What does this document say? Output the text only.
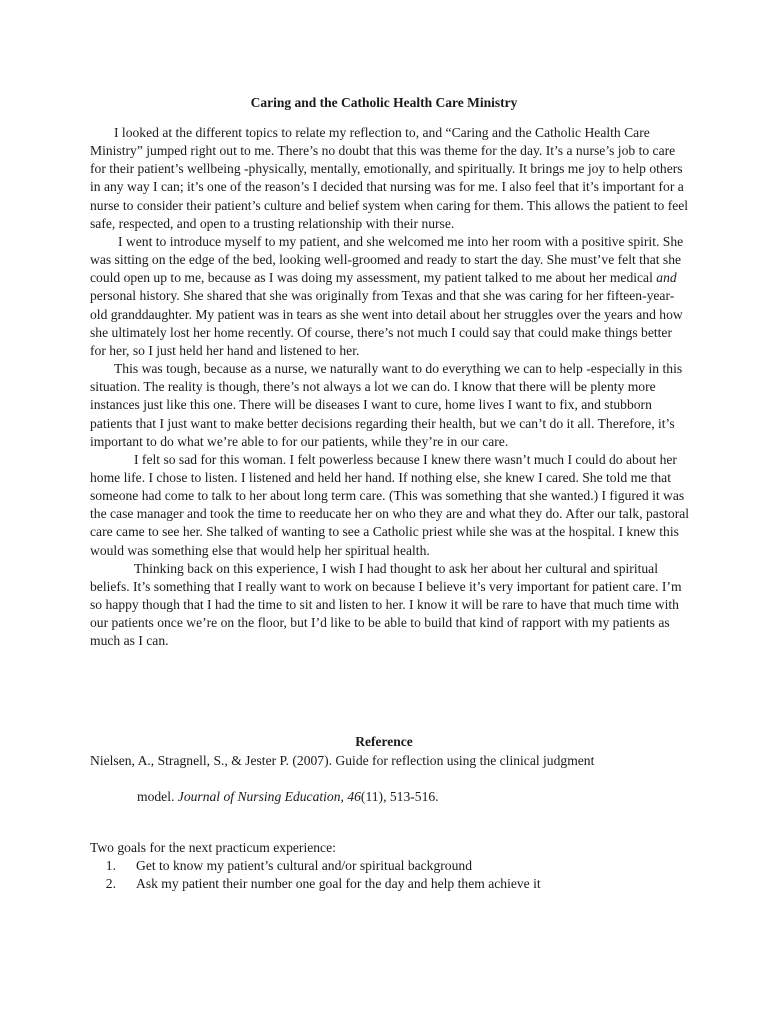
Caring and the Catholic Health Care Ministry

I looked at the different topics to relate my reflection to, and “Caring and the Catholic Health Care Ministry” jumped right out to me. There’s no doubt that this was theme for the day. It’s a nurse’s job to care for their patient’s wellbeing -physically, mentally, emotionally, and spiritually. It brings me joy to help others in any way I can; it’s one of the reason’s I decided that nursing was for me. I also feel that it’s important for a nurse to consider their patient’s culture and belief system when caring for them. This allows the patient to feel safe, respected, and open to a trusting relationship with their nurse.

I went to introduce myself to my patient, and she welcomed me into her room with a positive spirit. She was sitting on the edge of the bed, looking well-groomed and ready to start the day. She must’ve felt that she could open up to me, because as I was doing my assessment, my patient talked to me about her medical and personal history. She shared that she was originally from Texas and that she was caring for her fifteen-year-old granddaughter. My patient was in tears as she went into detail about her struggles over the years and how she ultimately lost her home recently. Of course, there’s not much I could say that could make things better for her, so I just held her hand and listened to her.

This was tough, because as a nurse, we naturally want to do everything we can to help -especially in this situation. The reality is though, there’s not always a lot we can do. I know that there will be plenty more instances just like this one. There will be diseases I want to cure, home lives I want to fix, and stubborn patients that I just want to make better decisions regarding their health, but we can’t do it all. Therefore, it’s important to do what we’re able to for our patients, while they’re in our care.

I felt so sad for this woman. I felt powerless because I knew there wasn’t much I could do about her home life. I chose to listen. I listened and held her hand. If nothing else, she knew I cared. She told me that someone had come to talk to her about long term care. (This was something that she wanted.) I figured it was the case manager and took the time to reeducate her on who they are and what they do. After our talk, pastoral care came to see her. She talked of wanting to see a Catholic priest while she was at the hospital. I knew this would was something else that would help her spiritual health.

Thinking back on this experience, I wish I had thought to ask her about her cultural and spiritual beliefs. It’s something that I really want to work on because I believe it’s very important for patient care. I’m so happy though that I had the time to sit and listen to her. I know it will be rare to have that much time with our patients once we’re on the floor, but I’d like to be able to build that kind of rapport with my patients as much as I can.

Reference
Nielsen, A., Stragnell, S., & Jester P. (2007). Guide for reflection using the clinical judgment
model. Journal of Nursing Education, 46(11), 513-516.
Two goals for the next practicum experience:
1. Get to know my patient’s cultural and/or spiritual background
2. Ask my patient their number one goal for the day and help them achieve it
